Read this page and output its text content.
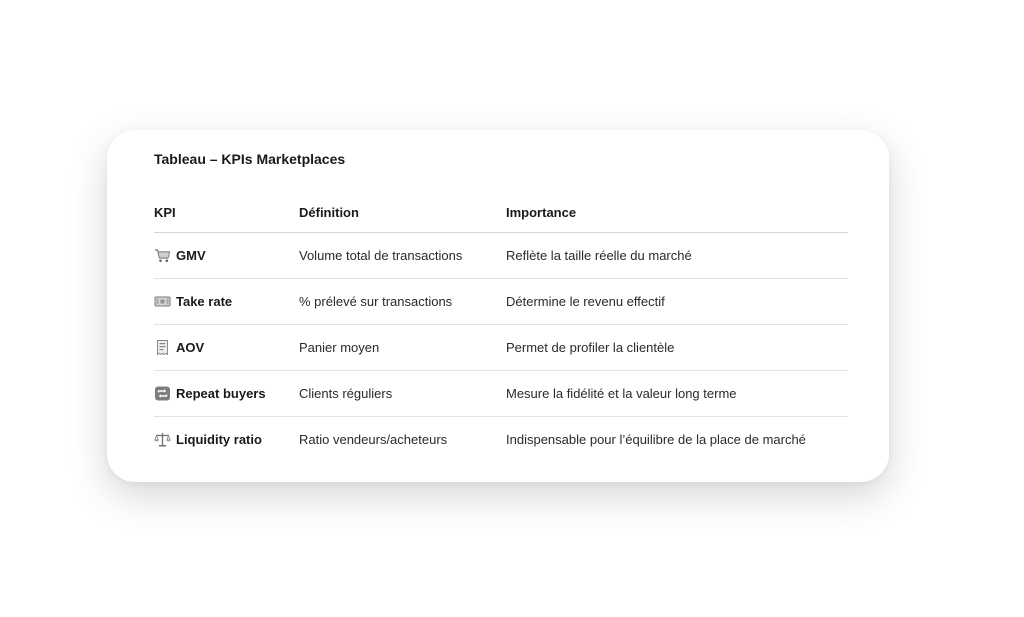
Tableau – KPIs Marketplaces

KPI	Définition	Importance

GMV	Volume total de transactions	Reflète la taille réelle du marché

Take rate	% prélevé sur transactions	Détermine le revenu effectif

AOV	Panier moyen	Permet de profiler la clientèle

Repeat buyers	Clients réguliers	Mesure la fidélité et la valeur long terme

Liquidity ratio	Ratio vendeurs/acheteurs	Indispensable pour l’équilibre de la place de marché
